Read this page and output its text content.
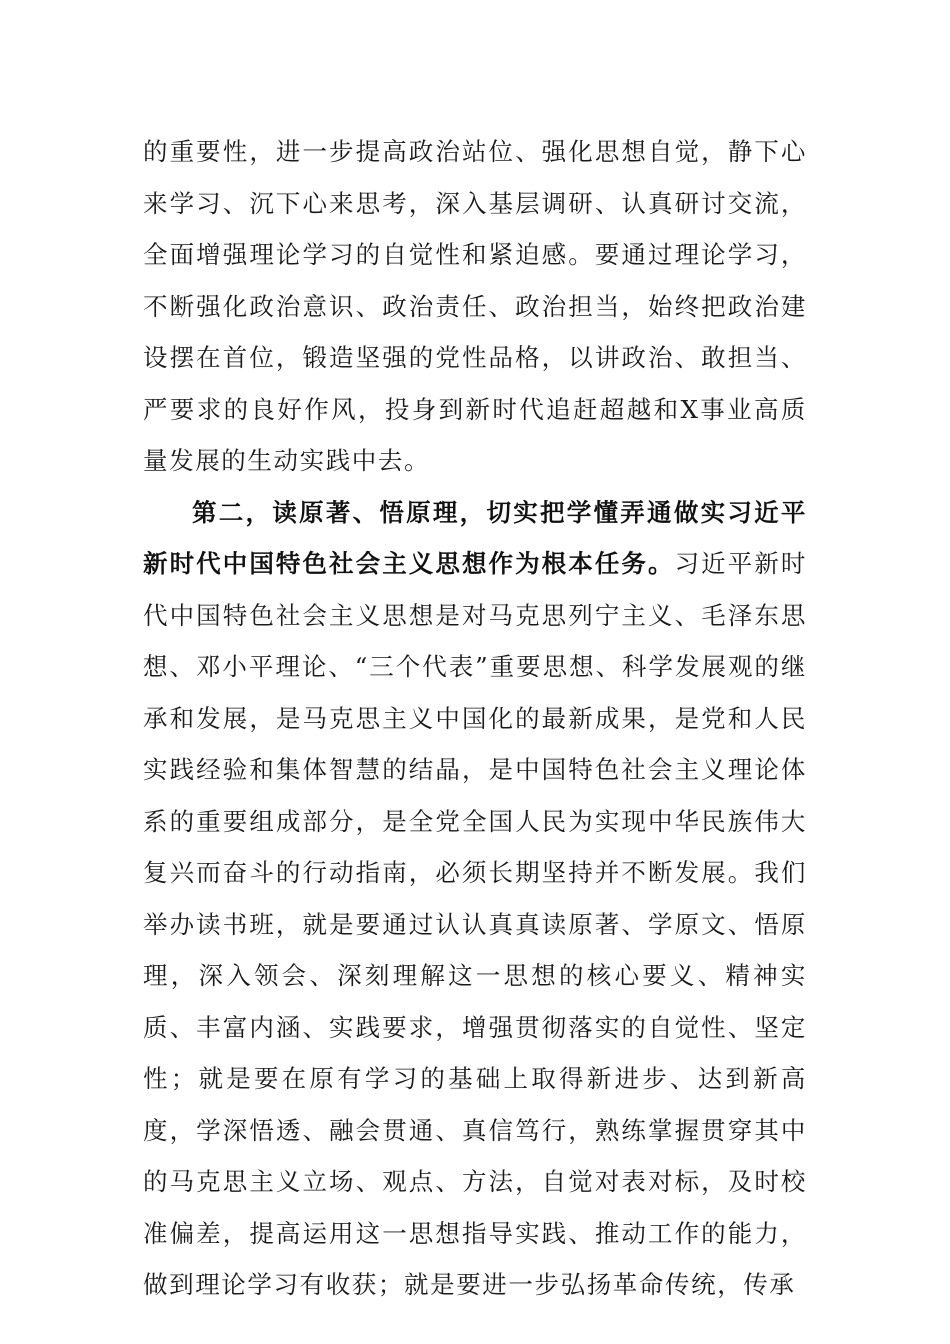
的重要性，进一步提高政治站位、强化思想自觉，静下心来学习、沉下心来思考，深入基层调研、认真研讨交流，全面增强理论学习的自觉性和紧迫感。要通过理论学习，不断强化政治意识、政治责任、政治担当，始终把政治建设摆在首位，锻造坚强的党性品格，以讲政治、敢担当、严要求的良好作风，投身到新时代追赶超越和X事业高质量发展的生动实践中去。

第二，读原著、悟原理，切实把学懂弄通做实习近平新时代中国特色社会主义思想作为根本任务。习近平新时代中国特色社会主义思想是对马克思列宁主义、毛泽东思想、邓小平理论、“三个代表”重要思想、科学发展观的继承和发展，是马克思主义中国化的最新成果，是党和人民实践经验和集体智慧的结晶，是中国特色社会主义理论体系的重要组成部分，是全党全国人民为实现中华民族伟大复兴而奋斗的行动指南，必须长期坚持并不断发展。我们举办读书班，就是要通过认认真真读原著、学原文、悟原理，深入领会、深刻理解这一思想的核心要义、精神实质、丰富内涵、实践要求，增强贯彻落实的自觉性、坚定性；就是要在原有学习的基础上取得新进步、达到新高度，学深悟透、融会贯通、真信笃行，熟练掌握贯穿其中的马克思主义立场、观点、方法，自觉对表对标，及时校准偏差，提高运用这一思想指导实践、推动工作的能力，做到理论学习有收获；就是要进一步弘扬革命传统，传承
